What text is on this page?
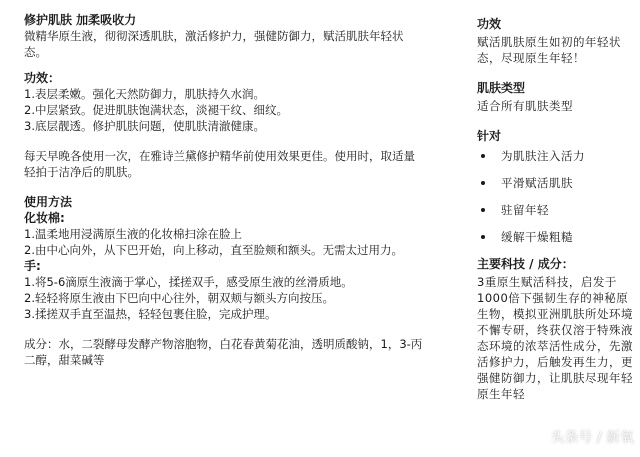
修护肌肤 加柔吸收力

微精华原生液，彻彻深透肌肤，激活修护力，强健防御力，赋活肌肤年轻状态。

功效：

1.表层柔嫩。强化天然防御力，肌肤持久水润。

2.中层紧致。促进肌肤饱满状态，淡褪干纹、细纹。

3.底层靓透。修护肌肤问题，使肌肤清澈健康。

每天早晚各使用一次，在雅诗兰黛修护精华前使用效果更佳。使用时，取适量轻拍于洁净后的肌肤。

使用方法

化妆棉:

1.温柔地用浸满原生液的化妆棉扫涂在脸上

2.由中心向外，从下巴开始，向上移动，直至脸颊和额头。无需太过用力。

手:

1.将5-6滴原生液滴于掌心，揉搓双手，感受原生液的丝滑质地。

2.轻轻将原生液由下巴向中心往外，朝双颊与额头方向按压。

3.揉搓双手直至温热，轻轻包裹住脸，完成护理。

成分：水，二裂酵母发酵产物溶胞物，白花春黄菊花油，透明质酸钠，1，3-丙二醇，甜菜碱等

功效

赋活肌肤原生如初的年轻状态，尽现原生年轻！

肌肤类型

适合所有肌肤类型

针对

为肌肤注入活力
平滑赋活肌肤
驻留年轻
缓解干燥粗糙

主要科技 / 成分：

3重原生赋活科技，启发于1000倍下强韧生存的神秘原生物，模拟亚洲肌肤所处环境不懈专研，终获仅溶于特殊液态环境的浓萃活性成分，先激活修护力，后触发再生力，更强健防御力，让肌肤尽现年轻原生年轻

头条号 / 新氧
